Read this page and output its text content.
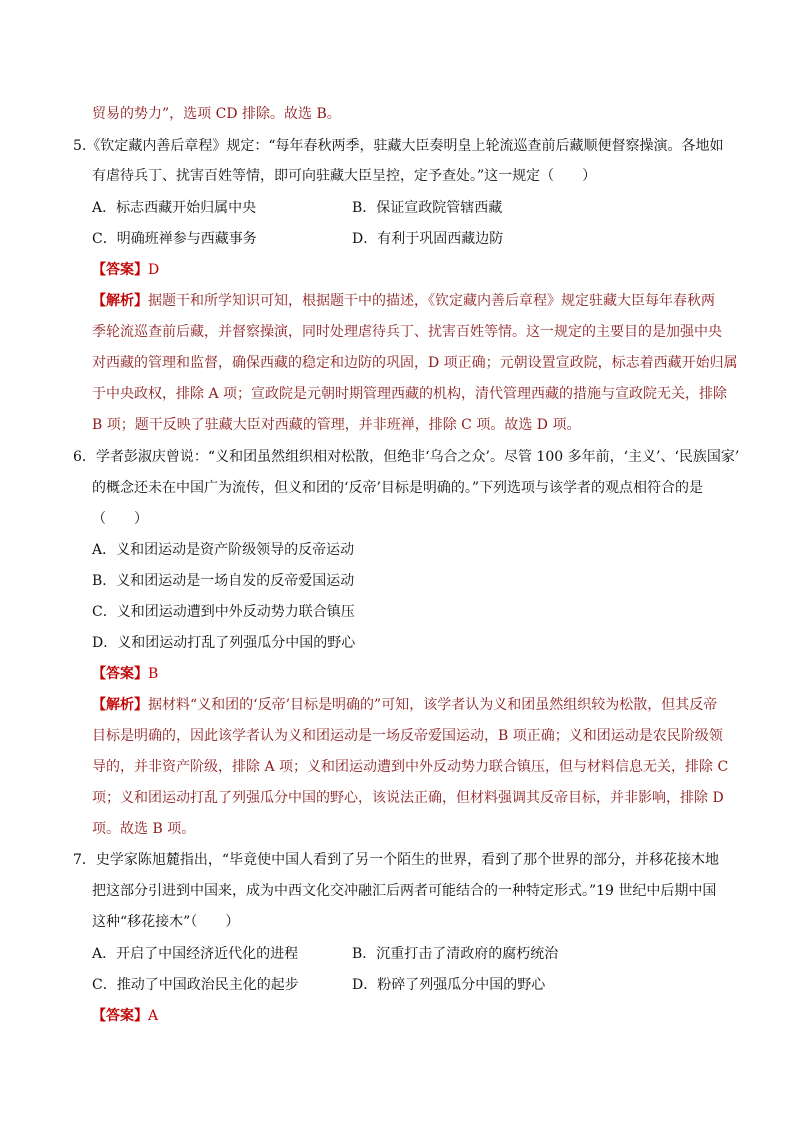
贸易的势力”，选项 CD 排除。故选 B。
5.《钦定藏内善后章程》规定：“每年春秋两季，驻藏大臣奏明皇上轮流巡查前后藏顺便督察操演。各地如
有虐待兵丁、扰害百姓等情，即可向驻藏大臣呈控，定予查处。”这一规定（　　）
A．标志西藏开始归属中央	B．保证宣政院管辖西藏
C．明确班禅参与西藏事务	D．有利于巩固西藏边防
【答案】D
【解析】据题干和所学知识可知，根据题干中的描述，《钦定藏内善后章程》规定驻藏大臣每年春秋两
季轮流巡查前后藏，并督察操演，同时处理虐待兵丁、扰害百姓等情。这一规定的主要目的是加强中央
对西藏的管理和监督，确保西藏的稳定和边防的巩固，D 项正确；元朝设置宣政院，标志着西藏开始归属
于中央政权，排除 A 项；宣政院是元朝时期管理西藏的机构，清代管理西藏的措施与宣政院无关，排除
B 项；题干反映了驻藏大臣对西藏的管理，并非班禅，排除 C 项。故选 D 项。
6．学者彭淑庆曾说：“义和团虽然组织相对松散，但绝非‘乌合之众’。尽管 100 多年前，‘主义’、‘民族国家’
的概念还未在中国广为流传，但义和团的‘反帝’目标是明确的。”下列选项与该学者的观点相符合的是
（　　）
A．义和团运动是资产阶级领导的反帝运动
B．义和团运动是一场自发的反帝爱国运动
C．义和团运动遭到中外反动势力联合镇压
D．义和团运动打乱了列强瓜分中国的野心
【答案】B
【解析】据材料“义和团的‘反帝’目标是明确的”可知，该学者认为义和团虽然组织较为松散，但其反帝
目标是明确的，因此该学者认为义和团运动是一场反帝爱国运动，B 项正确；义和团运动是农民阶级领
导的，并非资产阶级，排除 A 项；义和团运动遭到中外反动势力联合镇压，但与材料信息无关，排除 C
项；义和团运动打乱了列强瓜分中国的野心，该说法正确，但材料强调其反帝目标，并非影响，排除 D
项。故选 B 项。
7．史学家陈旭麓指出，“毕竟使中国人看到了另一个陌生的世界，看到了那个世界的部分，并移花接木地
把这部分引进到中国来，成为中西文化交冲融汇后两者可能结合的一种特定形式。”19 世纪中后期中国
这种“移花接木”（　　）
A．开启了中国经济近代化的进程	B．沉重打击了清政府的腐朽统治
C．推动了中国政治民主化的起步	D．粉碎了列强瓜分中国的野心
【答案】A
